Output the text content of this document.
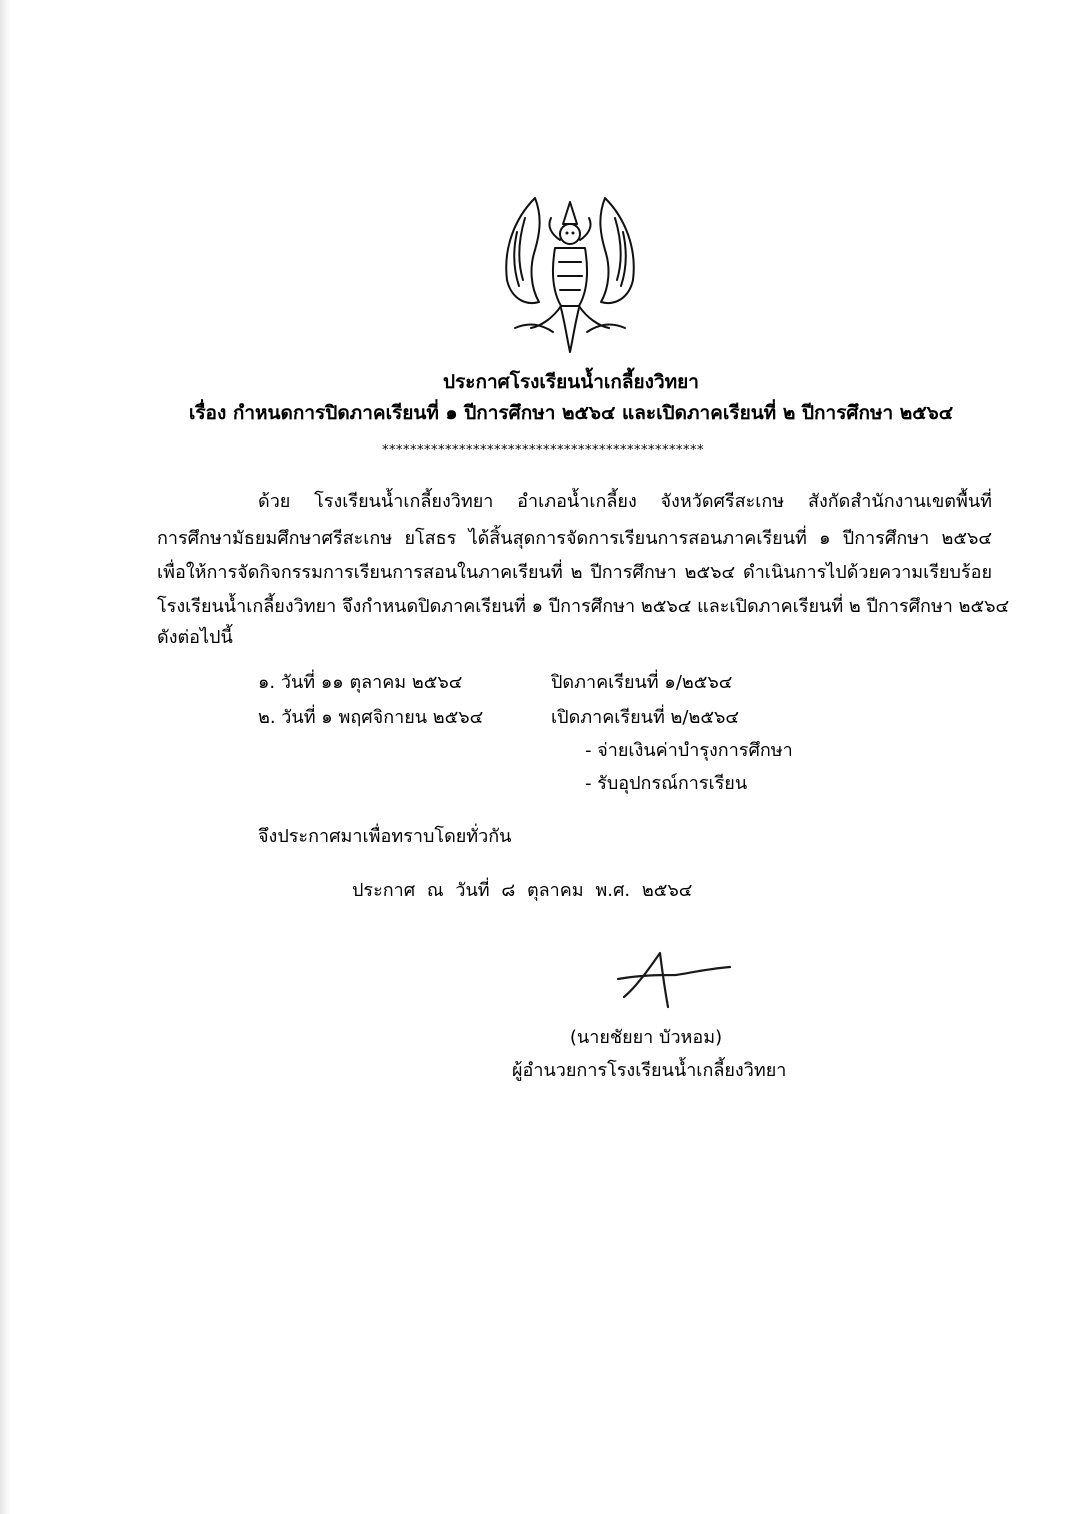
ประกาศโรงเรียนน้ำเกลี้ยงวิทยา
เรื่อง กำหนดการปิดภาคเรียนที่ ๑ ปีการศึกษา ๒๕๖๔ และเปิดภาคเรียนที่ ๒ ปีการศึกษา ๒๕๖๔
**********************************************
ด้วย โรงเรียนน้ำเกลี้ยงวิทยา อำเภอน้ำเกลี้ยง จังหวัดศรีสะเกษ สังกัดสำนักงานเขตพื้นที่
การศึกษามัธยมศึกษาศรีสะเกษ ยโสธร ได้สิ้นสุดการจัดการเรียนการสอนภาคเรียนที่ ๑ ปีการศึกษา ๒๕๖๔
เพื่อให้การจัดกิจกรรมการเรียนการสอนในภาคเรียนที่ ๒ ปีการศึกษา ๒๕๖๔ ดำเนินการไปด้วยความเรียบร้อย
โรงเรียนน้ำเกลี้ยงวิทยา จึงกำหนดปิดภาคเรียนที่ ๑ ปีการศึกษา ๒๕๖๔ และเปิดภาคเรียนที่ ๒ ปีการศึกษา ๒๕๖๔
ดังต่อไปนี้
๑. วันที่ ๑๑ ตุลาคม ๒๕๖๔	ปิดภาคเรียนที่ ๑/๒๕๖๔
๒. วันที่ ๑ พฤศจิกายน ๒๕๖๔	เปิดภาคเรียนที่ ๒/๒๕๖๔
- จ่ายเงินค่าบำรุงการศึกษา
- รับอุปกรณ์การเรียน
จึงประกาศมาเพื่อทราบโดยทั่วกัน
ประกาศ ณ วันที่ ๘ ตุลาคม พ.ศ. ๒๕๖๔
(นายชัยยา บัวหอม)
ผู้อำนวยการโรงเรียนน้ำเกลี้ยงวิทยา
